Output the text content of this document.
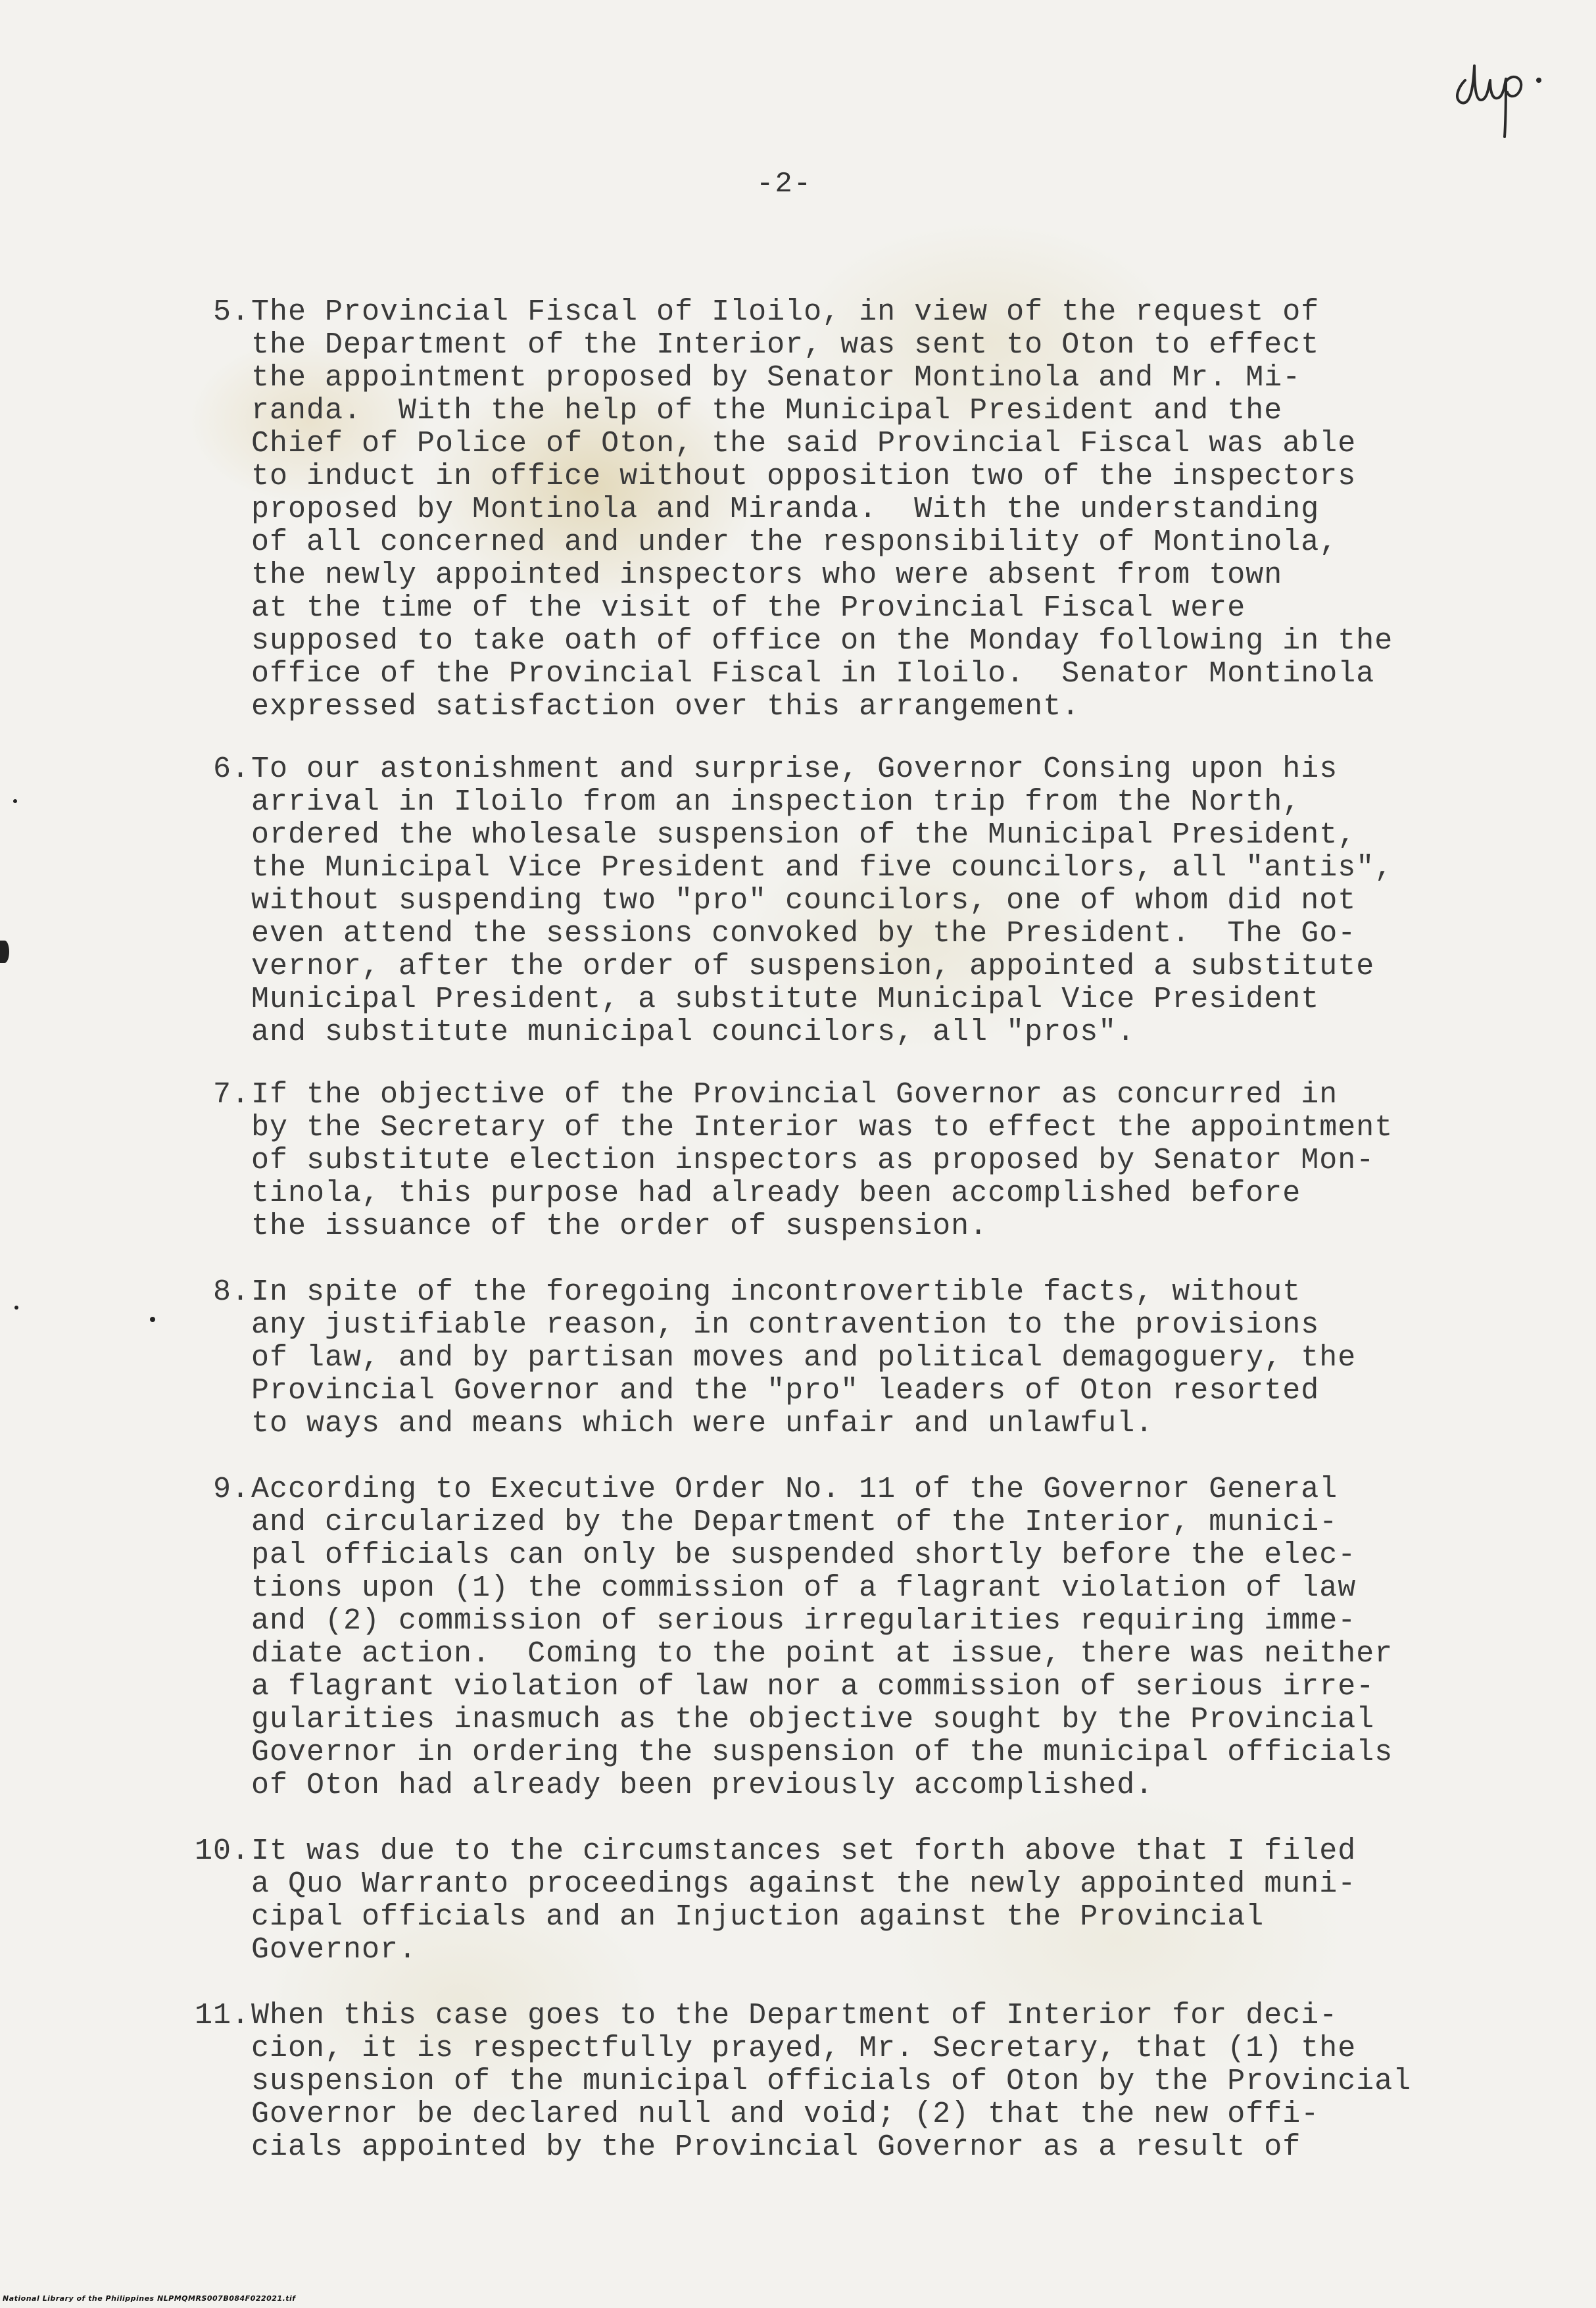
-2-
5. The Provincial Fiscal of Iloilo, in view of the request of
the Department of the Interior, was sent to Oton to effect
the appointment proposed by Senator Montinola and Mr. Mi-
randa.  With the help of the Municipal President and the
Chief of Police of Oton, the said Provincial Fiscal was able
to induct in office without opposition two of the inspectors
proposed by Montinola and Miranda.  With the understanding
of all concerned and under the responsibility of Montinola,
the newly appointed inspectors who were absent from town
at the time of the visit of the Provincial Fiscal were
supposed to take oath of office on the Monday following in the
office of the Provincial Fiscal in Iloilo.  Senator Montinola
expressed satisfaction over this arrangement.
6. To our astonishment and surprise, Governor Consing upon his
arrival in Iloilo from an inspection trip from the North,
ordered the wholesale suspension of the Municipal President,
the Municipal Vice President and five councilors, all "antis",
without suspending two "pro" councilors, one of whom did not
even attend the sessions convoked by the President.  The Go-
vernor, after the order of suspension, appointed a substitute
Municipal President, a substitute Municipal Vice President
and substitute municipal councilors, all "pros".
7. If the objective of the Provincial Governor as concurred in
by the Secretary of the Interior was to effect the appointment
of substitute election inspectors as proposed by Senator Mon-
tinola, this purpose had already been accomplished before
the issuance of the order of suspension.
8. In spite of the foregoing incontrovertible facts, without
any justifiable reason, in contravention to the provisions
of law, and by partisan moves and political demagoguery, the
Provincial Governor and the "pro" leaders of Oton resorted
to ways and means which were unfair and unlawful.
9. According to Executive Order No. 11 of the Governor General
and circularized by the Department of the Interior, munici-
pal officials can only be suspended shortly before the elec-
tions upon (1) the commission of a flagrant violation of law
and (2) commission of serious irregularities requiring imme-
diate action.  Coming to the point at issue, there was neither
a flagrant violation of law nor a commission of serious irre-
gularities inasmuch as the objective sought by the Provincial
Governor in ordering the suspension of the municipal officials
of Oton had already been previously accomplished.
10. It was due to the circumstances set forth above that I filed
a Quo Warranto proceedings against the newly appointed muni-
cipal officials and an Injuction against the Provincial
Governor.
11. When this case goes to the Department of Interior for deci-
cion, it is respectfully prayed, Mr. Secretary, that (1) the
suspension of the municipal officials of Oton by the Provincial
Governor be declared null and void; (2) that the new offi-
cials appointed by the Provincial Governor as a result of
National Library of the Philippines NLPMQMRS007B084F022021.tif
